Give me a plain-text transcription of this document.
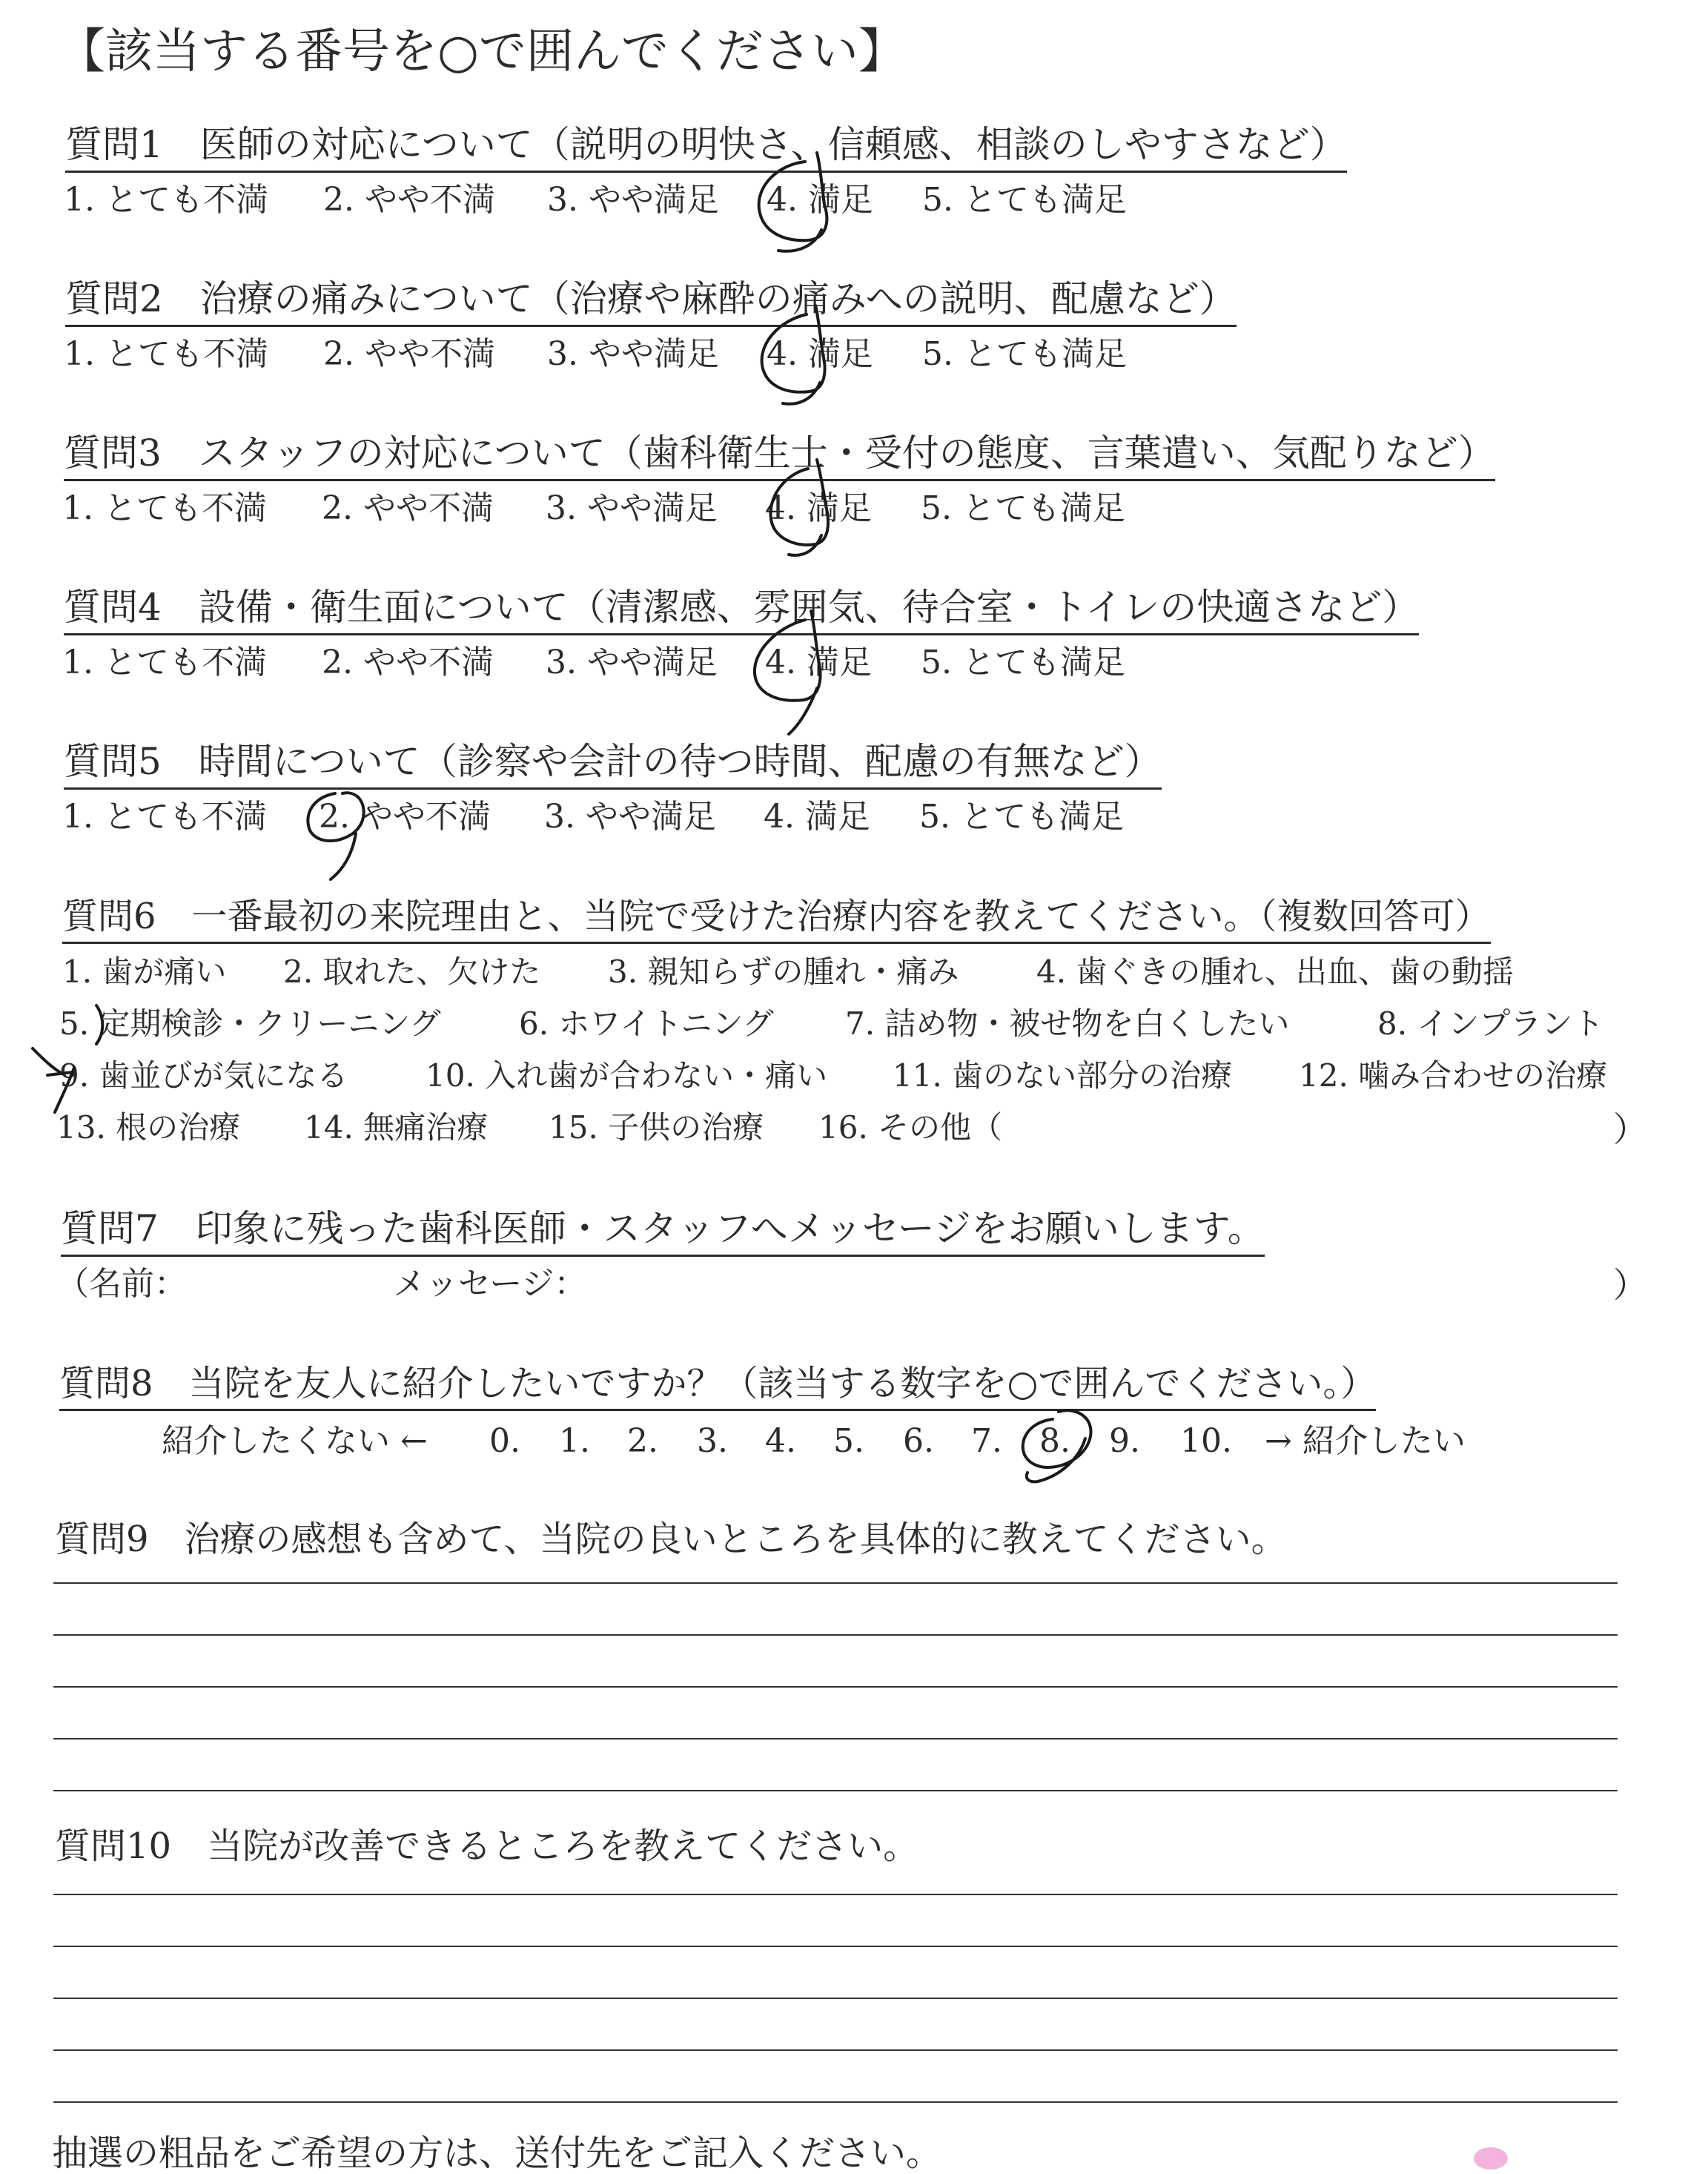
【該当する番号を○で囲んでください】
質問1　医師の対応について（説明の明快さ、信頼感、相談のしやすさなど）
1. とても不満 2. やや不満 3. やや満足 4. 満足 5. とても満足
質問2　治療の痛みについて（治療や麻酔の痛みへの説明、配慮など）
1. とても不満 2. やや不満 3. やや満足 4. 満足 5. とても満足
質問3　スタッフの対応について（歯科衛生士・受付の態度、言葉遣い、気配りなど）
1. とても不満 2. やや不満 3. やや満足 4. 満足 5. とても満足
質問4　設備・衛生面について（清潔感、雰囲気、待合室・トイレの快適さなど）
1. とても不満 2. やや不満 3. やや満足 4. 満足 5. とても満足
質問5　時間について（診察や会計の待つ時間、配慮の有無など）
1. とても不満 2. やや不満 3. やや満足 4. 満足 5. とても満足
質問6　一番最初の来院理由と、当院で受けた治療内容を教えてください。（複数回答可）
1. 歯が痛い 2. 取れた、欠けた 3. 親知らずの腫れ・痛み 4. 歯ぐきの腫れ、出血、歯の動揺
5. 定期検診・クリーニング	6. ホワイトニング 7. 詰め物・被せ物を白くしたい	8. インプラント
9. 歯並びが気になる 10. 入れ歯が合わない・痛い 11. 歯のない部分の治療 12. 噛み合わせの治療
13. 根の治療 14. 無痛治療 15. 子供の治療 16. その他（	）
質問7　印象に残った歯科医師・スタッフへメッセージをお願いします。
（名前：	メッセージ：	）
質問8　当院を友人に紹介したいですか？（該当する数字を○で囲んでください。）
紹介したくない ← 0. 1. 2. 3. 4. 5. 6. 7. 8. 9. 10. → 紹介したい
質問9　治療の感想も含めて、当院の良いところを具体的に教えてください。
質問10　当院が改善できるところを教えてください。
抽選の粗品をご希望の方は、送付先をご記入ください。
